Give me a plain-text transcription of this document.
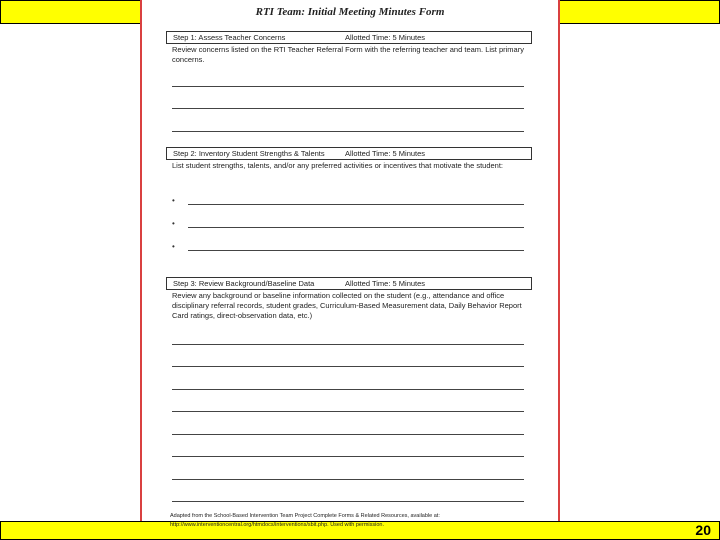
RTI Team: Initial Meeting Minutes Form
Step 1: Assess Teacher Concerns	Allotted Time: 5 Minutes
Review concerns listed on the RTI Teacher Referral Form with the referring teacher and team. List primary concerns.
Step 2: Inventory Student Strengths & Talents	Allotted Time: 5 Minutes
List student strengths, talents, and/or any preferred activities or incentives that motivate the student:
•
•
•
Step 3: Review Background/Baseline Data	Allotted Time: 5 Minutes
Review any background or baseline information collected on the student (e.g., attendance and office disciplinary referral records, student grades, Curriculum-Based Measurement data, Daily Behavior Report Card ratings, direct-observation data, etc.)
20
Adapted from the School-Based Intervention Team Project Complete Forms & Related Resources, available at:
http://www.interventioncentral.org/htmdocs/interventions/sbit.php. Used with permission.
